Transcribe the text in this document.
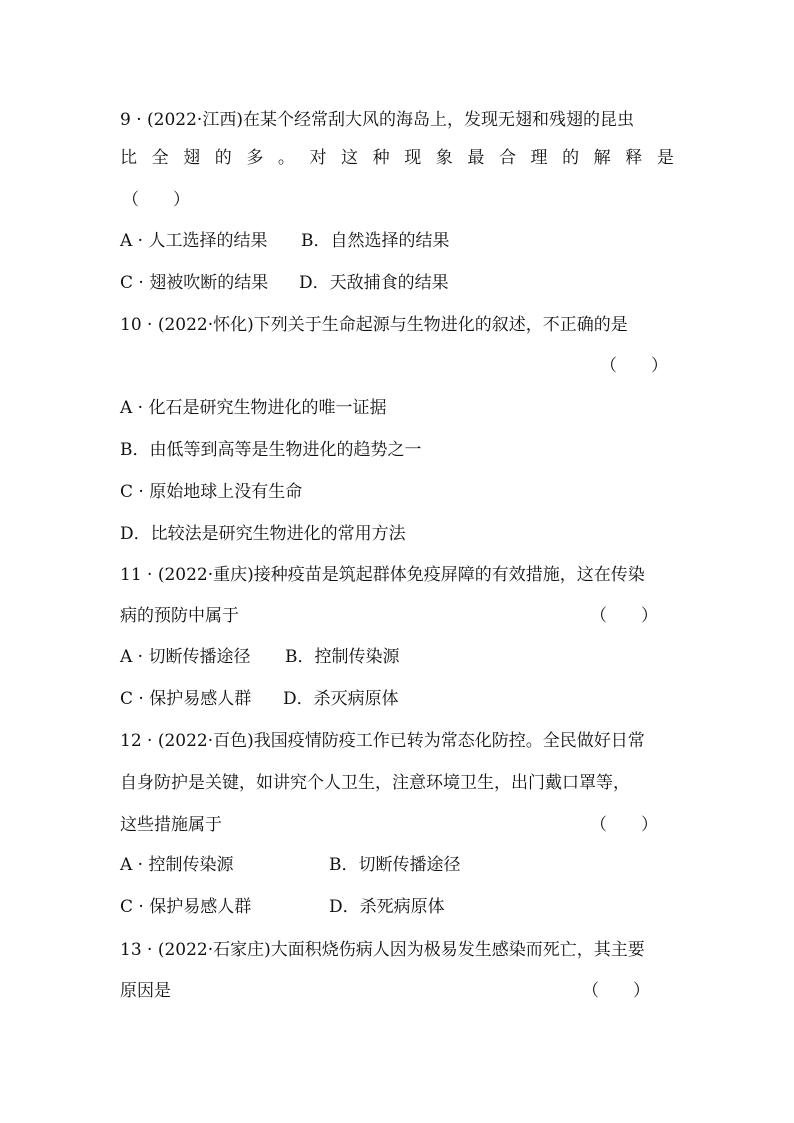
9 · (2022·江西)在某个经常刮大风的海岛上，发现无翅和残翅的昆虫
比 全 翅 的 多 。 对 这 种 现 象 最 合 理 的 解 释 是
（　　）
A · 人工选择的结果 B．自然选择的结果
C · 翅被吹断的结果 D．天敌捕食的结果
10 · (2022·怀化)下列关于生命起源与生物进化的叙述，不正确的是
（　　）
A · 化石是研究生物进化的唯一证据
B．由低等到高等是生物进化的趋势之一
C · 原始地球上没有生命
D．比较法是研究生物进化的常用方法
11 · (2022·重庆)接种疫苗是筑起群体免疫屏障的有效措施，这在传染
病的预防中属于	（　　）
A · 切断传播途径 B．控制传染源
C · 保护易感人群 D．杀灭病原体
12 · (2022·百色)我国疫情防疫工作已转为常态化防控。全民做好日常
自身防护是关键，如讲究个人卫生，注意环境卫生，出门戴口罩等，
这些措施属于	（　　）
A · 控制传染源	B．切断传播途径
C · 保护易感人群	D．杀死病原体
13 · (2022·石家庄)大面积烧伤病人因为极易发生感染而死亡，其主要
原因是	（　　）
